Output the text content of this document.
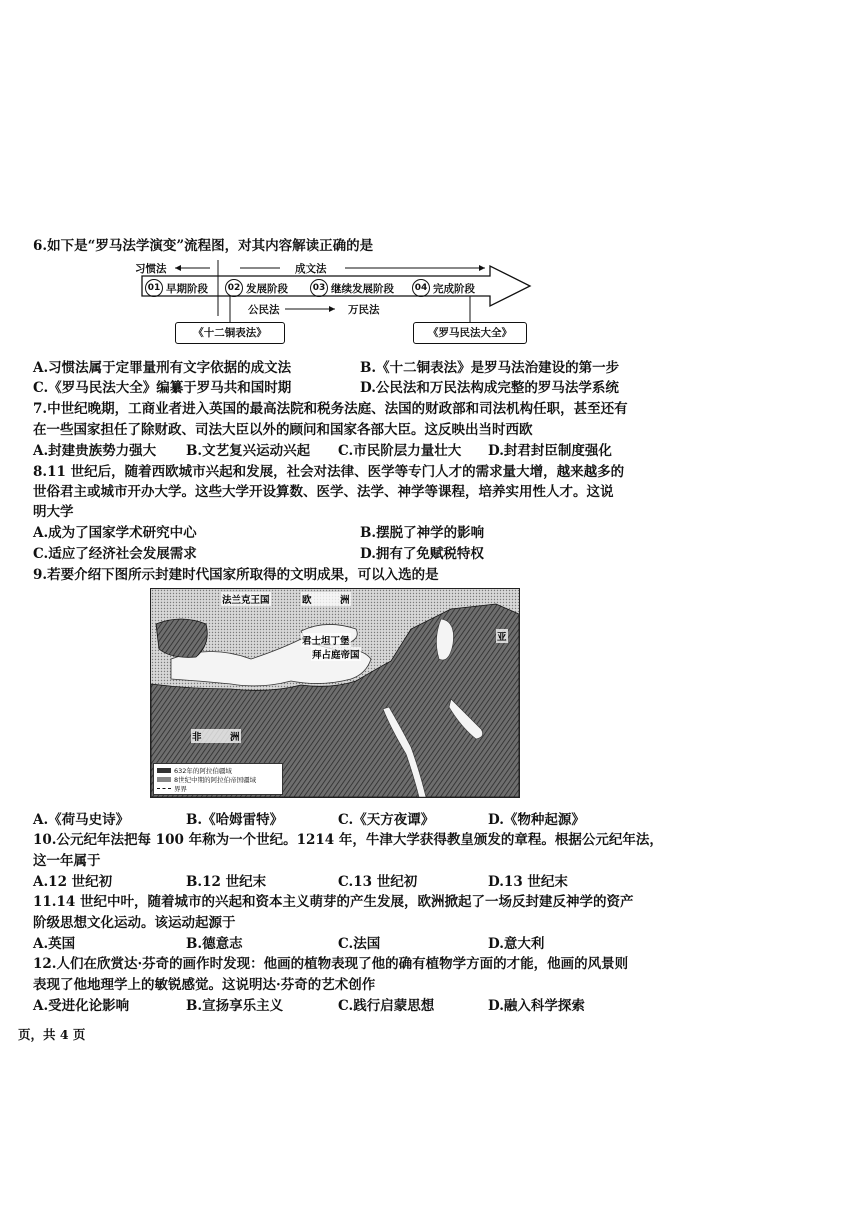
6.如下是“罗马法学演变”流程图，对其内容解读正确的是
习惯法	成文法
01 早期阶段	02 发展阶段	03 继续发展阶段	04 完成阶段
公民法	万民法
《十二铜表法》	《罗马民法大全》
A.习惯法属于定罪量刑有文字依据的成文法	B.《十二铜表法》是罗马法治建设的第一步
C.《罗马民法大全》编纂于罗马共和国时期	D.公民法和万民法构成完整的罗马法学系统
7.中世纪晚期，工商业者进入英国的最高法院和税务法庭、法国的财政部和司法机构任职，甚至还有
在一些国家担任了除财政、司法大臣以外的顾问和国家各部大臣。这反映出当时西欧
A.封建贵族势力强大 B.文艺复兴运动兴起 C.市民阶层力量壮大 D.封君封臣制度强化
8.11 世纪后，随着西欧城市兴起和发展，社会对法律、医学等专门人才的需求量大增，越来越多的
世俗君主或城市开办大学。这些大学开设算数、医学、法学、神学等课程，培养实用性人才。这说
明大学
A.成为了国家学术研究中心	B.摆脱了神学的影响
C.适应了经济社会发展需求	D.拥有了免赋税特权
9.若要介绍下图所示封建时代国家所取得的文明成果，可以入选的是
法兰克王国	欧　　　洲
亚
君士坦丁堡
拜占庭帝国
非　　　洲
632年的阿拉伯疆域
8世纪中期的阿拉伯帝国疆域
界界
A.《荷马史诗》	B.《哈姆雷特》	C.《天方夜谭》	D.《物种起源》
10.公元纪年法把每 100 年称为一个世纪。1214 年，牛津大学获得教皇颁发的章程。根据公元纪年法，
这一年属于
A.12 世纪初	B.12 世纪末	C.13 世纪初	D.13 世纪末
11.14 世纪中叶，随着城市的兴起和资本主义萌芽的产生发展，欧洲掀起了一场反封建反神学的资产
阶级思想文化运动。该运动起源于
A.英国	B.德意志	C.法国	D.意大利
12.人们在欣赏达·芬奇的画作时发现：他画的植物表现了他的确有植物学方面的才能，他画的风景则
表现了他地理学上的敏锐感觉。这说明达·芬奇的艺术创作
A.受进化论影响	B.宣扬享乐主义	C.践行启蒙思想	D.融入科学探索
页，共 4 页
